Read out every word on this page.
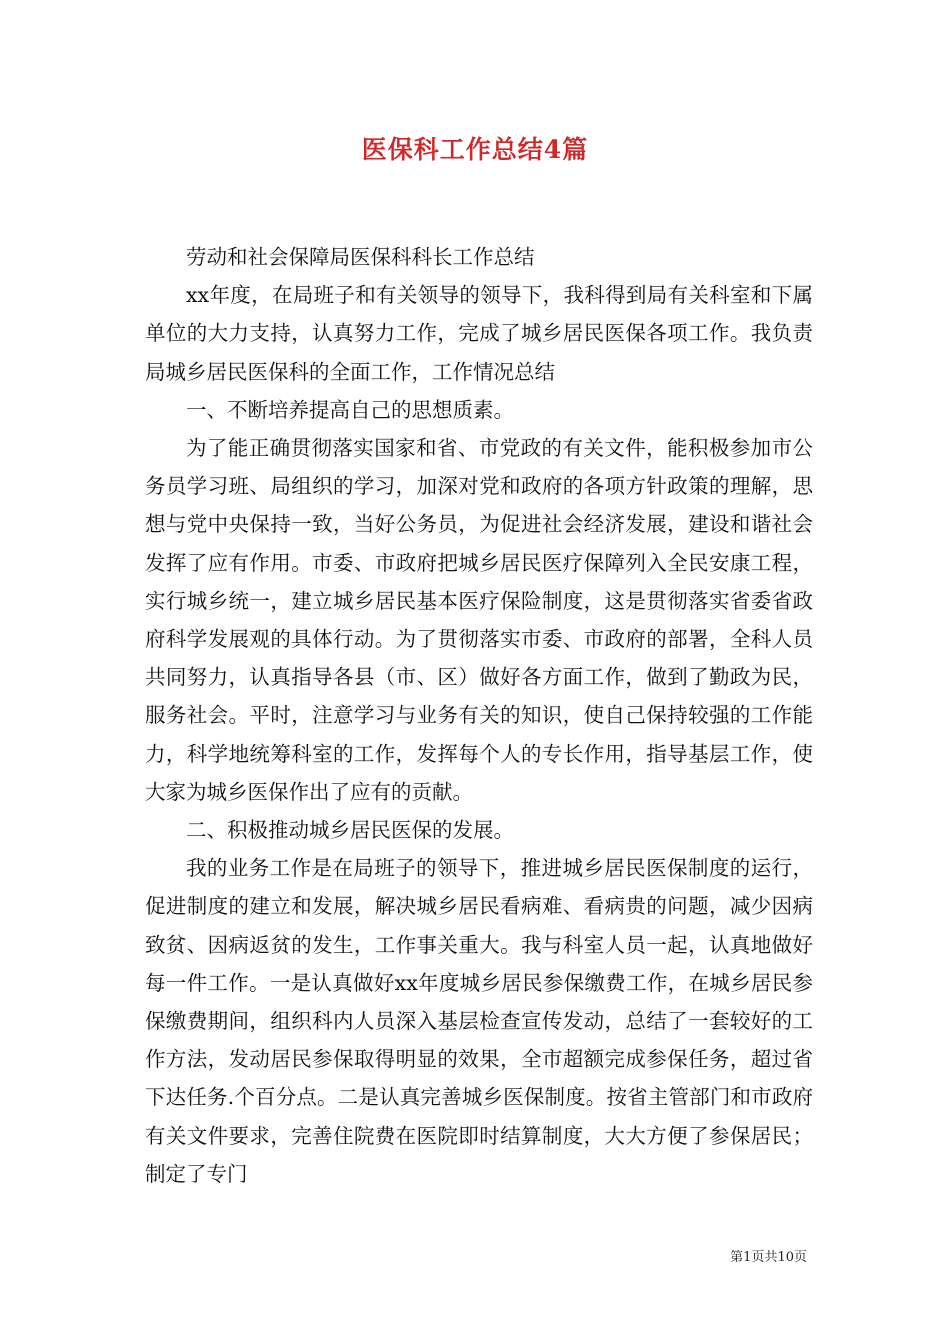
医保科工作总结4篇

劳动和社会保障局医保科科长工作总结

xx年度，在局班子和有关领导的领导下，我科得到局有关科室和下属单位的大力支持，认真努力工作，完成了城乡居民医保各项工作。我负责局城乡居民医保科的全面工作，工作情况总结

一、不断培养提高自己的思想质素。

为了能正确贯彻落实国家和省、市党政的有关文件，能积极参加市公务员学习班、局组织的学习，加深对党和政府的各项方针政策的理解，思想与党中央保持一致，当好公务员，为促进社会经济发展，建设和谐社会发挥了应有作用。市委、市政府把城乡居民医疗保障列入全民安康工程，实行城乡统一，建立城乡居民基本医疗保险制度，这是贯彻落实省委省政府科学发展观的具体行动。为了贯彻落实市委、市政府的部署，全科人员共同努力，认真指导各县（市、区）做好各方面工作，做到了勤政为民，服务社会。平时，注意学习与业务有关的知识，使自己保持较强的工作能力，科学地统筹科室的工作，发挥每个人的专长作用，指导基层工作，使大家为城乡医保作出了应有的贡献。

二、积极推动城乡居民医保的发展。

我的业务工作是在局班子的领导下，推进城乡居民医保制度的运行，促进制度的建立和发展，解决城乡居民看病难、看病贵的问题，减少因病致贫、因病返贫的发生，工作事关重大。我与科室人员一起，认真地做好每一件工作。一是认真做好xx年度城乡居民参保缴费工作，在城乡居民参保缴费期间，组织科内人员深入基层检查宣传发动，总结了一套较好的工作方法，发动居民参保取得明显的效果，全市超额完成参保任务，超过省下达任务.个百分点。二是认真完善城乡医保制度。按省主管部门和市政府有关文件要求，完善住院费在医院即时结算制度，大大方便了参保居民；制定了专门

第1页共10页
